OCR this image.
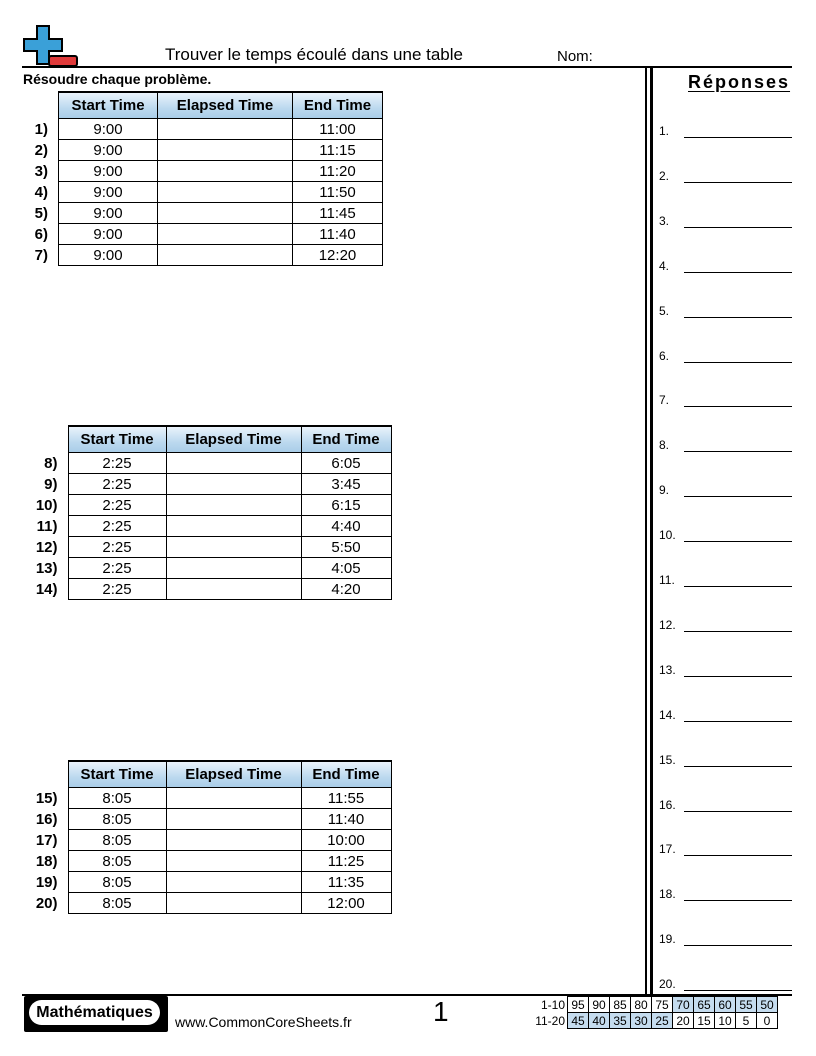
Trouver le temps écoulé dans une table	Nom:
Résoudre chaque problème.
	Start Time	Elapsed Time	End Time
1)	9:00		11:00
2)	9:00		11:15
3)	9:00		11:20
4)	9:00		11:50
5)	9:00		11:45
6)	9:00		11:40
7)	9:00		12:20
	Start Time	Elapsed Time	End Time
8)	2:25		6:05
9)	2:25		3:45
10)	2:25		6:15
11)	2:25		4:40
12)	2:25		5:50
13)	2:25		4:05
14)	2:25		4:20
	Start Time	Elapsed Time	End Time
15)	8:05		11:55
16)	8:05		11:40
17)	8:05		10:00
18)	8:05		11:25
19)	8:05		11:35
20)	8:05		12:00
Réponses
1.
2.
3.
4.
5.
6.
7.
8.
9.
10.
11.
12.
13.
14.
15.
16.
17.
18.
19.
20.
Mathématiques
www.CommonCoreSheets.fr	1	1-10	95	90	85	80	75	70	65	60	55	50
11-20	45	40	35	30	25	20	15	10	5	0
